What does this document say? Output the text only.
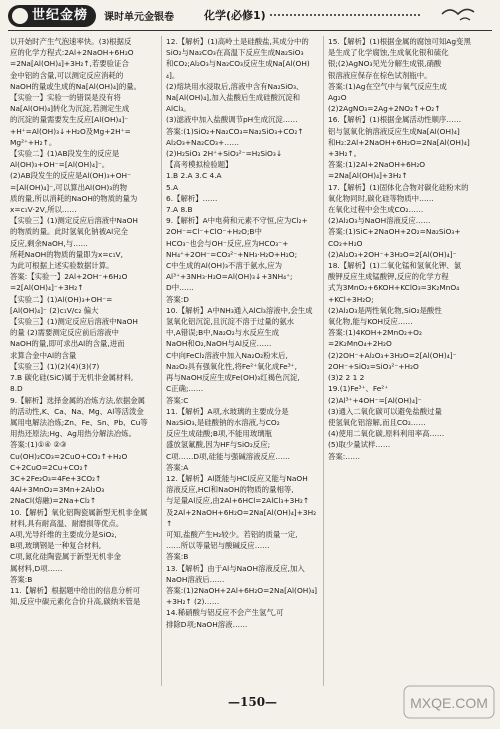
世纪金榜 课时单元金银卷	化学(必修1)

以开始时产生气泡速率快。(3)根据反

应的化学方程式:2Al+2NaOH+6H₂O

=2Na[Al(OH)₄]+3H₂↑,若要验证合

金中铝的含量,可以测定反应消耗的

NaOH的量或生成的Na[Al(OH)₄]的量。

【实验一】实验一的错误是没有将

Na[Al(OH)₄]转化为沉淀,若测定生成

的沉淀的量需要发生反应[Al(OH)₄]⁻

+H⁺=Al(OH)₃↓+H₂O及Mg+2H⁺=

Mg²⁺+H₂↑。

【实验二】(1)AB段发生的反应是

Al(OH)₃+OH⁻=[Al(OH)₄]⁻。

(2)AB段发生的反应是Al(OH)₃+OH⁻

=[Al(OH)₄]⁻,可以算出Al(OH)₃的物

质的量,所以消耗的NaOH的物质的量为

x=c₁V·2V,所以……

【实验三】(1)测定反应后溶液中NaOH

的物质的量。此时氢氧化钠被Al完全

反应,剩余NaOH,与……

所耗NaOH的物质的量即为x=c₁V,

为此可根据上述实验数据计算。

答案:【实验一】2Al+2OH⁻+6H₂O

=2[Al(OH)₄]⁻+3H₂↑

【实验二】(1)Al(OH)₃+OH⁻=

[Al(OH)₄]⁻ (2)c₁V/c₂ 偏大

【实验三】(1)测定反应后溶液中NaOH

的量 (2)需要测定反应前后溶液中

NaOH的量,即可求出Al的含量,进而

求算合金中Al的含量

【实验三】(1)(2)(4)(3)(7)

7.B 碳化硅(SiC)属于无机非金属材料,

8.D

9.【解析】选择金属的冶炼方法,依据金属

的活动性,K、Ca、Na、Mg、Al等活泼金

属用电解法冶炼;Zn、Fe、Sn、Pb、Cu等

用热还原法;Hg、Ag用热分解法冶炼。

答案:(1)①④ ②③

Cu(OH)₂CO₃=2CuO+CO₂↑+H₂O

C+2CuO=2Cu+CO₂↑

3C+2Fe₂O₃=4Fe+3CO₂↑

4Al+3MnO₂=3Mn+2Al₂O₃

2NaCl(熔融)=2Na+Cl₂↑

10.【解析】氧化铝陶瓷属新型无机非金属

材料,具有耐高温、耐磨损等优点。

A项,光导纤维的主要成分是SiO₂,

B项,玻璃钢是一种复合材料,

C项,氮化硅陶瓷属于新型无机非金

属材料,D项……

答案:B

11.【解析】根据题中给出的信息分析可

知,反应中碳元素化合价升高,碳纳米管是

12.【解析】(1)高岭土是硅酸盐,其成分中的

SiO₂与Na₂CO₃在高温下反应生成Na₂SiO₃

和CO₂;Al₂O₃与Na₂CO₃反应生成Na[Al(OH)₄]。

(2)熔块用水浸取后,溶液中含有Na₂SiO₃、

Na[Al(OH)₄],加入盐酸后生成硅酸沉淀和

AlCl₃。

(3)滤液中加入盐酸调节pH生成沉淀……

答案:(1)SiO₂+Na₂CO₃=Na₂SiO₃+CO₂↑

Al₂O₃+Na₂CO₃+……

(2)H₂SiO₃ 2H⁺+SiO₃²⁻=H₂SiO₃↓

【高考模拟检验题】

1.B 2.A 3.C 4.A

5.A

6.【解析】……

7.A 8.B

9.【解析】A中电荷和元素不守恒,应为Cl₂+

2OH⁻=Cl⁻+ClO⁻+H₂O;B中

HCO₃⁻也会与OH⁻反应,应为HCO₃⁻+

NH₄⁺+2OH⁻=CO₃²⁻+NH₃·H₂O+H₂O;

C中生成的Al(OH)₃不溶于氨水,应为

Al³⁺+3NH₃·H₂O=Al(OH)₃↓+3NH₄⁺;

D中……

答案:D

10.【解析】A中NH₃通入AlCl₃溶液中,会生成

氢氧化铝沉淀,且沉淀不溶于过量的氨水

中,A错误;B中,Na₂O₂与水反应生成

NaOH和O₂,NaOH与Al反应……

C中向FeCl₂溶液中加入Na₂O₂粉末后,

Na₂O₂具有强氧化性,将Fe²⁺氧化成Fe³⁺,

再与NaOH反应生成Fe(OH)₃红褐色沉淀,

C正确;……

答案:C

11.【解析】A项,水玻璃的主要成分是

Na₂SiO₃,是硅酸钠的水溶液,与CO₂

反应生成硅酸;B项,不能用玻璃瓶

盛放氢氟酸,因为HF与SiO₂反应;

C项……D项,硅能与强碱溶液反应……

答案:A

12.【解析】Al既能与HCl反应又能与NaOH

溶液反应,HCl和NaOH的物质的量相等,

与足量Al反应,由2Al+6HCl=2AlCl₃+3H₂↑

及2Al+2NaOH+6H₂O=2Na[Al(OH)₄]+3H₂↑

可知,盐酸产生H₂较少。若铝的质量一定,

……所以等量铝与酸碱反应……

答案:B

13.【解析】由于Al与NaOH溶液反应,加入

NaOH溶液后……

答案:(1)2NaOH+2Al+6H₂O=2Na[Al(OH)₄]

+3H₂↑ (2)……

14.稀硝酸与铝反应不会产生氢气,可

排除D项;NaOH溶液……

15.【解析】(1)根据金属的腐蚀可知Ag变黑

是生成了化学腐蚀,生成氧化银和硫化

银;(2)AgNO₃见光分解生成银,硝酸

银溶液应保存在棕色试剂瓶中。

答案:(1)Ag在空气中与氧气反应生成

Ag₂O

(2)2AgNO₃=2Ag+2NO₂↑+O₂↑

16.【解析】(1)根据金属活动性顺序……

铝与氢氧化钠溶液反应生成Na[Al(OH)₄]

和H₂:2Al+2NaOH+6H₂O=2Na[Al(OH)₄]

+3H₂↑。

答案:(1)2Al+2NaOH+6H₂O

=2Na[Al(OH)₄]+3H₂↑

17.【解析】(1)固体化合物对碳化硅粉末的

氧化物同时,碳化硅等物质中……

在氧化过程中会生成CO₂……

(2)Al₂O₃与NaOH溶液反应……

答案:(1)SiC+2NaOH+2O₂=Na₂SiO₃+

CO₂+H₂O

(2)Al₂O₃+2OH⁻+3H₂O=2[Al(OH)₄]⁻

18.【解析】(1)二氧化锰和氢氧化钾、氯

酸钾反应生成锰酸钾,反应的化学方程

式为3MnO₂+6KOH+KClO₃=3K₂MnO₄

+KCl+3H₂O;

(2)Al₂O₃是两性氧化物,SiO₂是酸性

氧化物,能与KOH反应……

答案:(1)4KOH+2MnO₂+O₂

=2K₂MnO₄+2H₂O

(2)2OH⁻+Al₂O₃+3H₂O=2[Al(OH)₄]⁻

2OH⁻+SiO₂=SiO₃²⁻+H₂O

(3)2 2 1 2

19.(1)Fe³⁺、Fe²⁺

(2)Al³⁺+4OH⁻=[Al(OH)₄]⁻

(3)通入二氧化碳可以避免盐酸过量

使氢氧化铝溶解,而且CO₂……

(4)使用二氧化碳,原料利用率高……

(5)取少量试样……

答案:……

—150—	MXQE.COM
